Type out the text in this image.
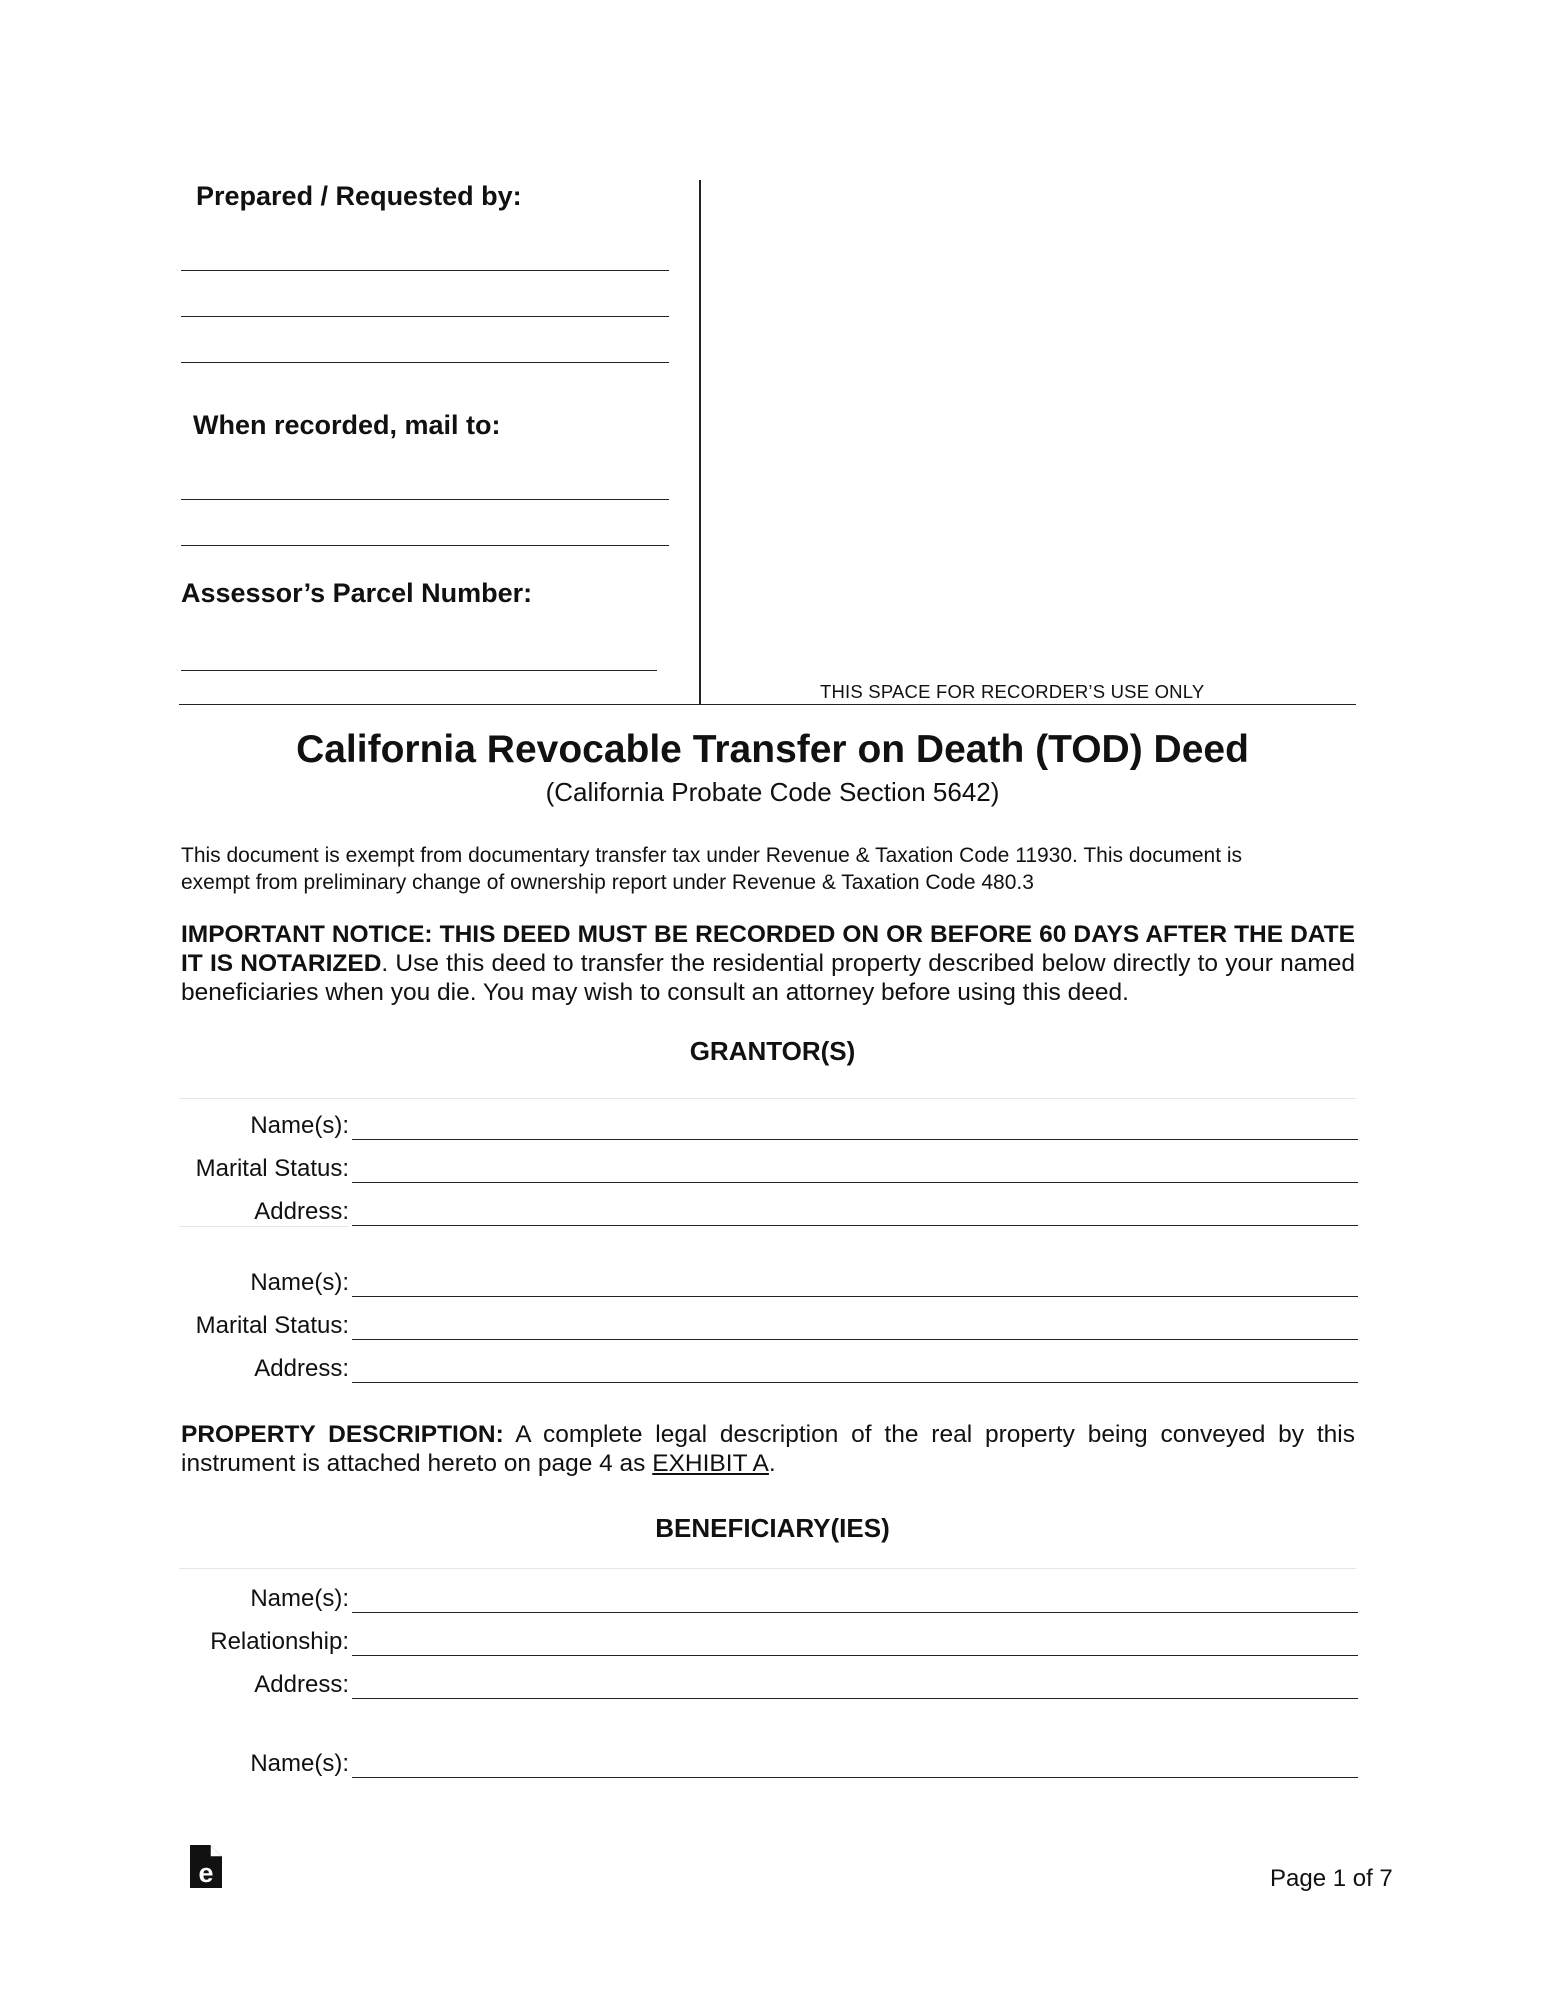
Prepared / Requested by:
When recorded, mail to:
Assessor’s Parcel Number:
THIS SPACE FOR RECORDER’S USE ONLY
California Revocable Transfer on Death (TOD) Deed
(California Probate Code Section 5642)
This document is exempt from documentary transfer tax under Revenue & Taxation Code 11930. This document is
exempt from preliminary change of ownership report under Revenue & Taxation Code 480.3
IMPORTANT NOTICE: THIS DEED MUST BE RECORDED ON OR BEFORE 60 DAYS AFTER THE DATE IT IS NOTARIZED. Use this deed to transfer the residential property described below directly to your named beneficiaries when you die. You may wish to consult an attorney before using this deed.
GRANTOR(S)
Name(s):
Marital Status:
Address:
Name(s):
Marital Status:
Address:
PROPERTY DESCRIPTION: A complete legal description of the real property being conveyed by this instrument is attached hereto on page 4 as EXHIBIT A.
BENEFICIARY(IES)
Name(s):
Relationship:
Address:
Name(s):
e	Page 1 of 7
